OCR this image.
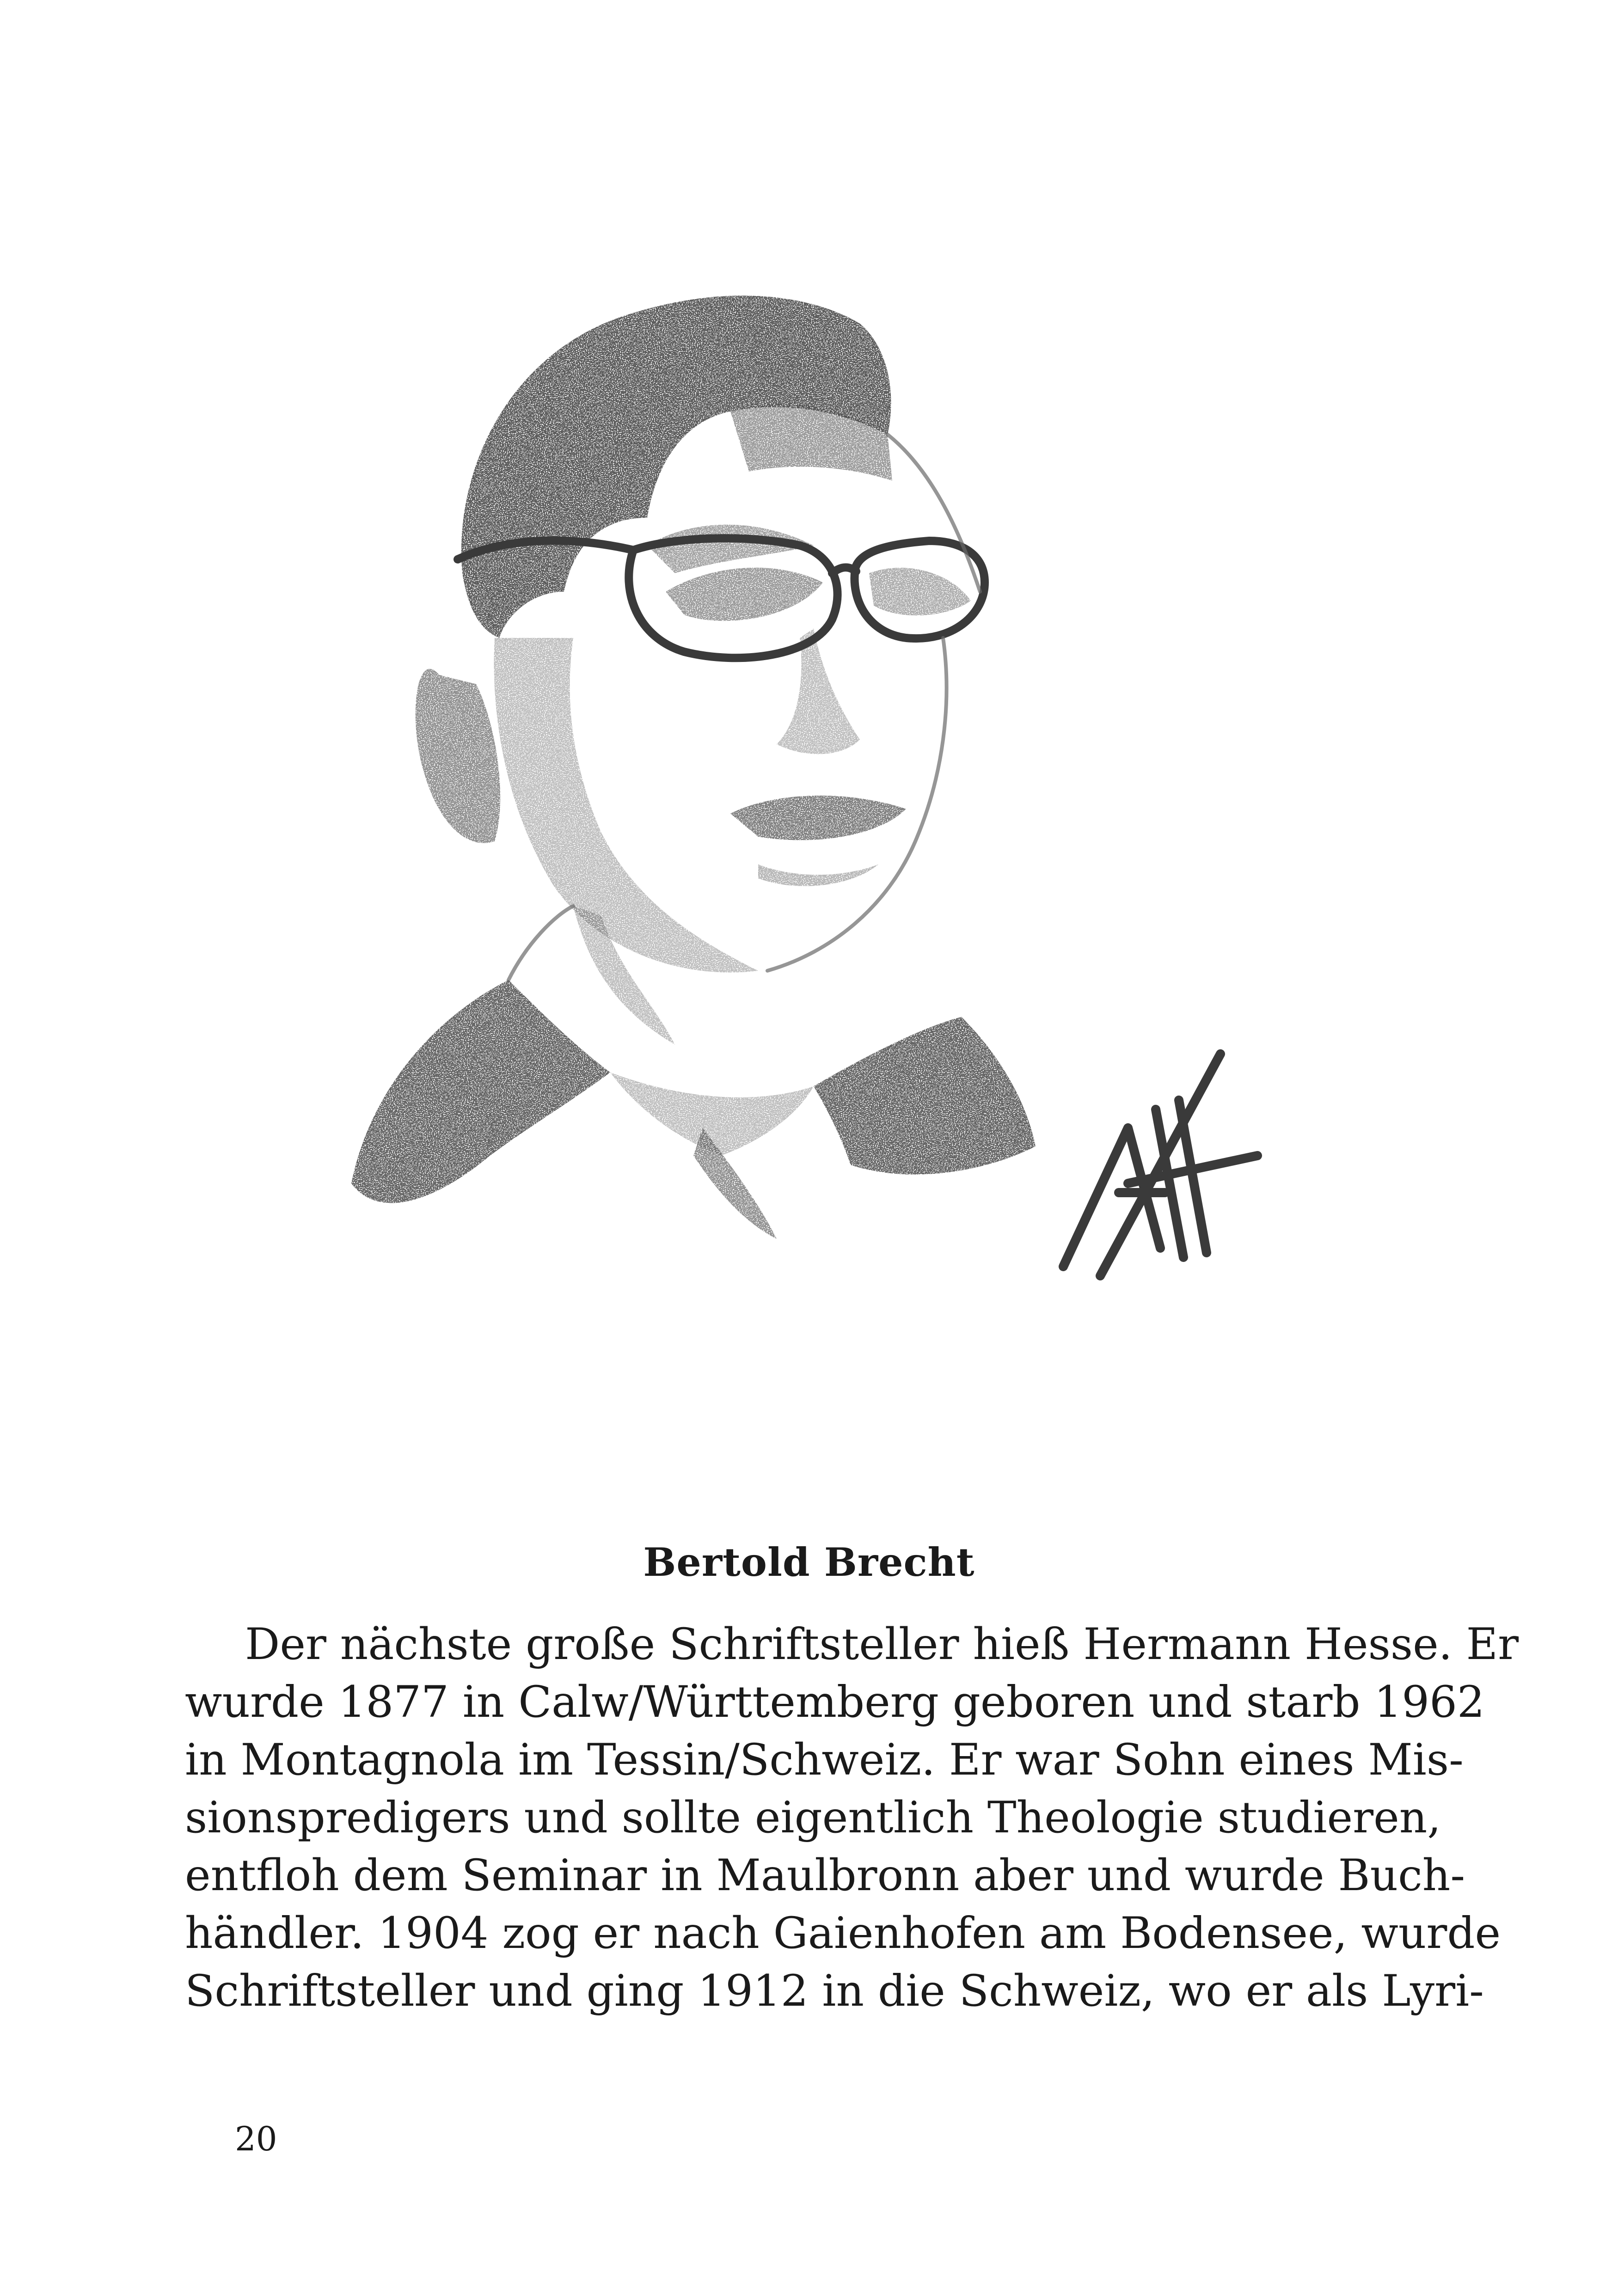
Bertold Brecht
Der nächste große Schriftsteller hieß Hermann Hesse. Er
wurde 1877 in Calw/Württemberg geboren und starb 1962
in Montagnola im Tessin/Schweiz. Er war Sohn eines Mis-
sionspredigers und sollte eigentlich Theologie studieren,
entfloh dem Seminar in Maulbronn aber und wurde Buch-
händler. 1904 zog er nach Gaienhofen am Bodensee, wurde
Schriftsteller und ging 1912 in die Schweiz, wo er als Lyri-
20
